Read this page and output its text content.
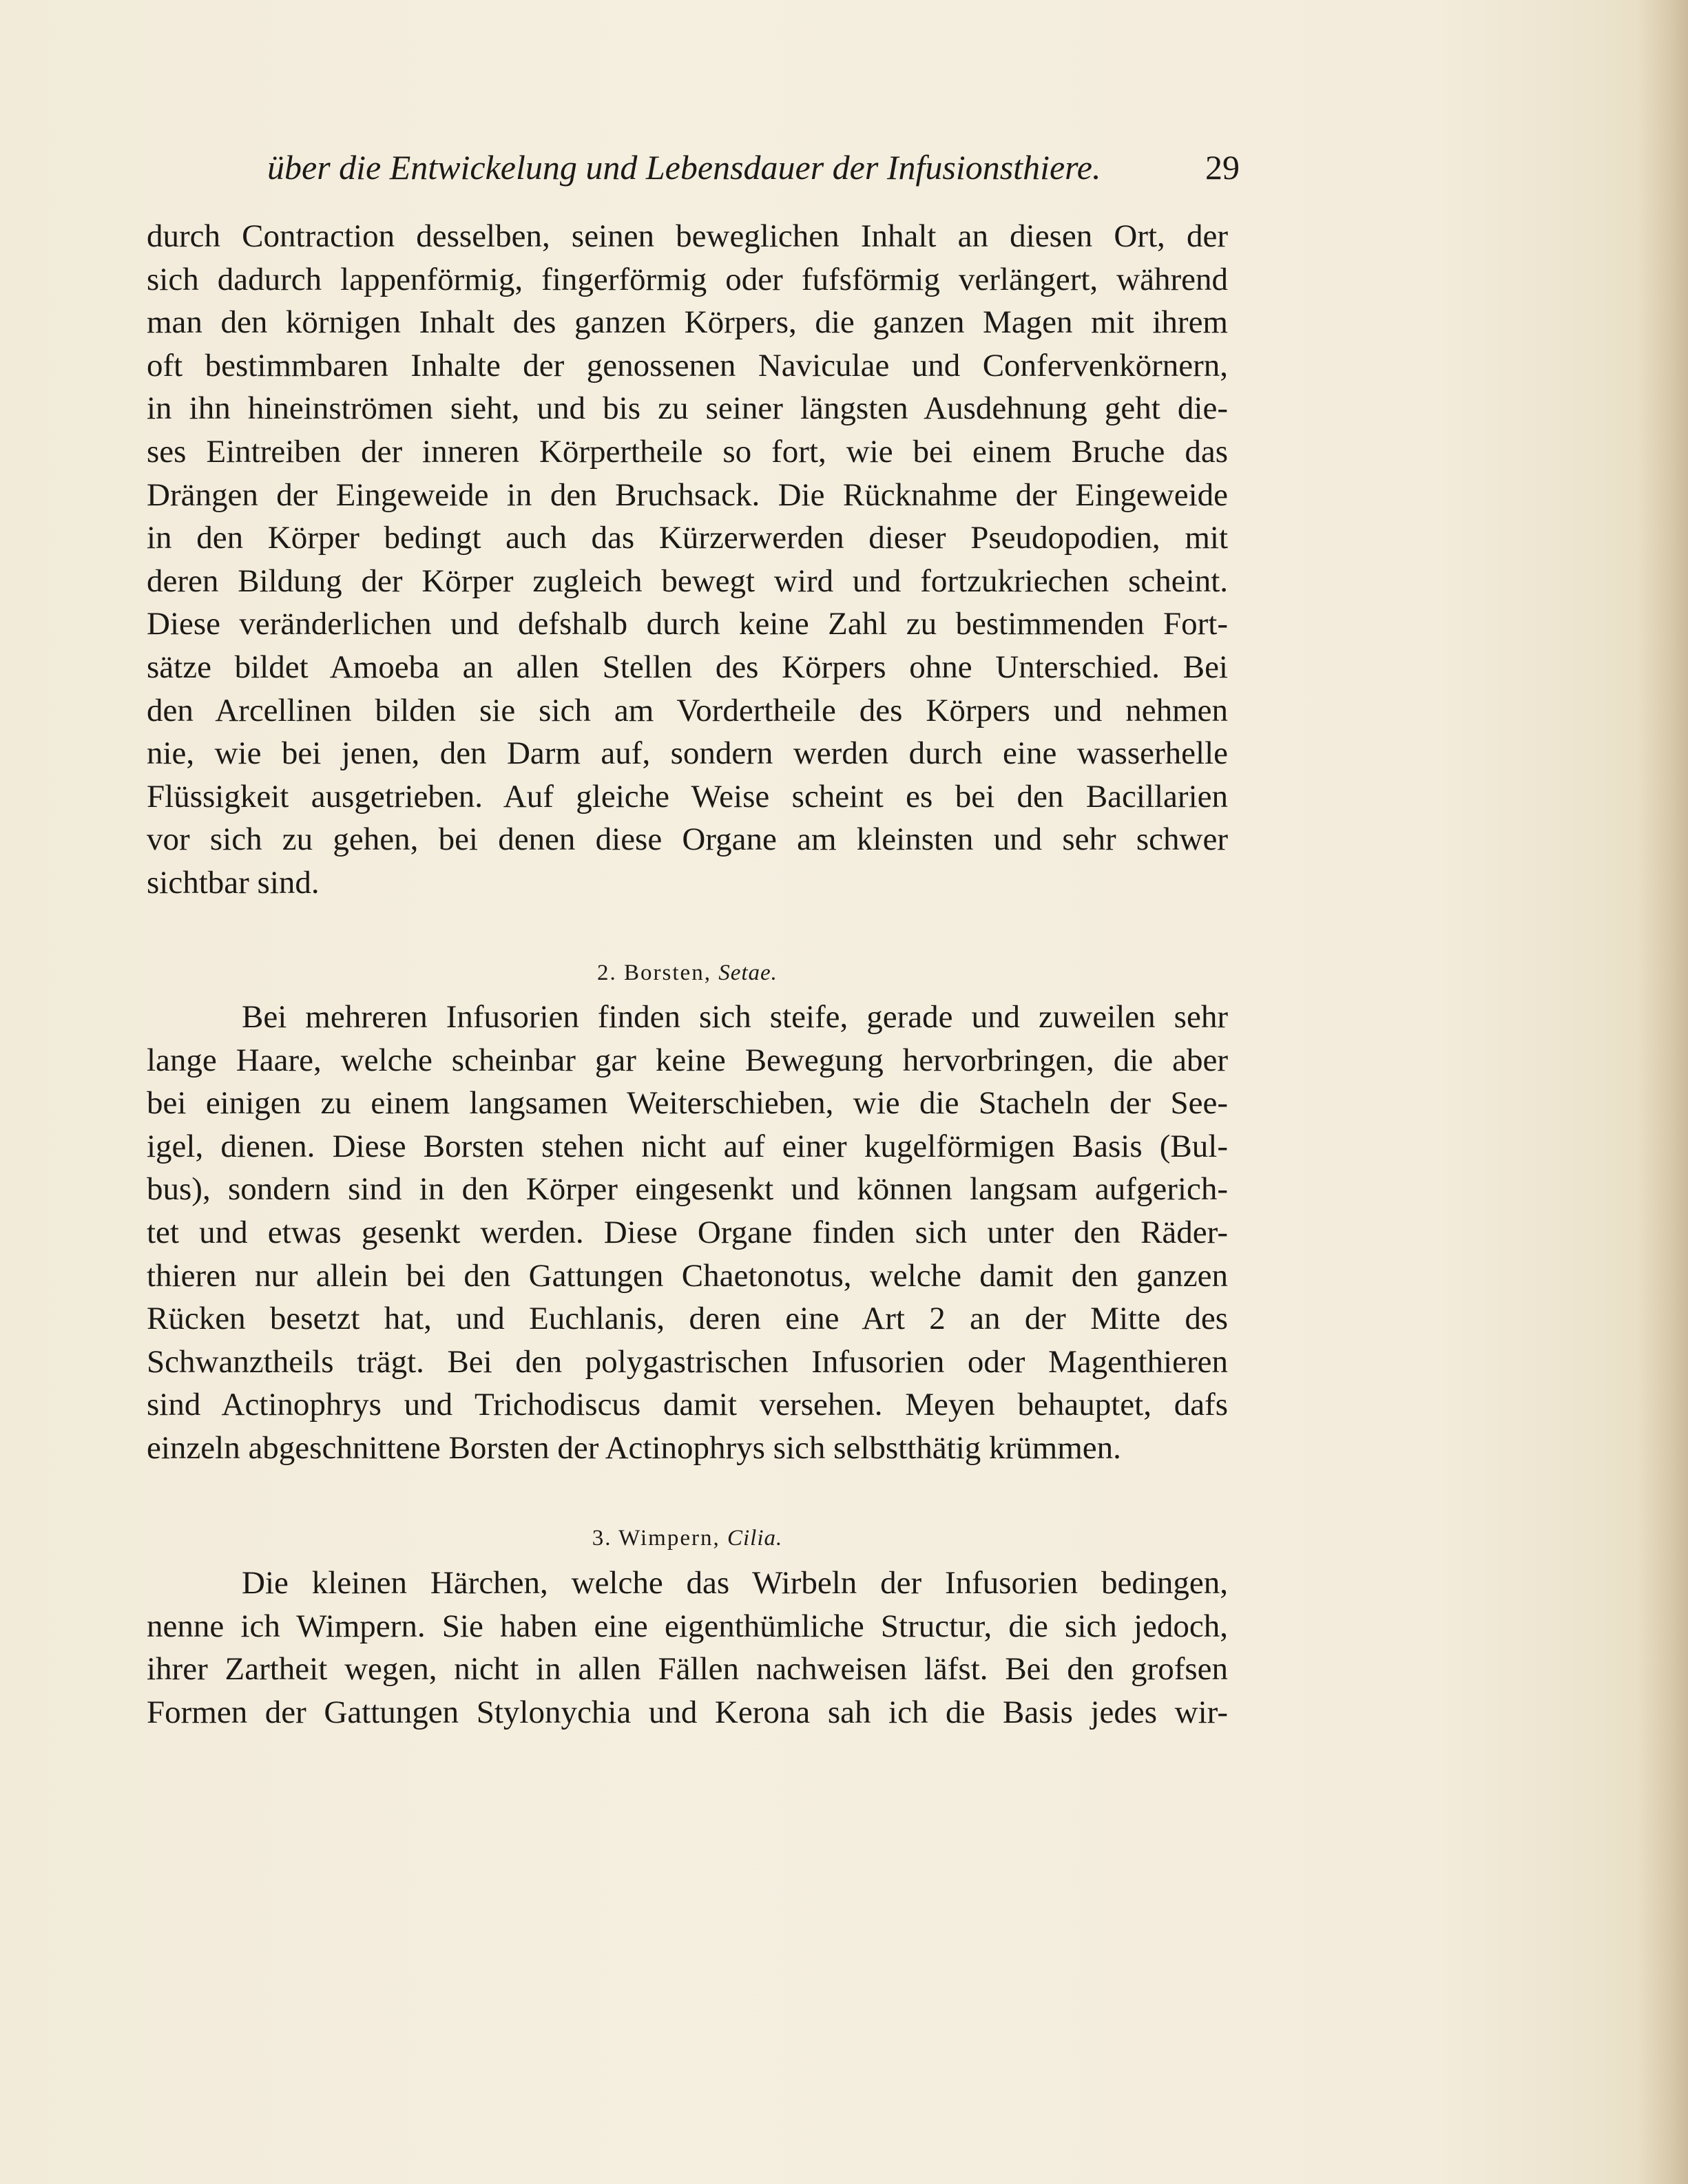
über die Entwickelung und Lebensdauer der Infusionsthiere.	29
durch Contraction desselben, seinen beweglichen Inhalt an diesen Ort, der
sich dadurch lappenförmig, fingerförmig oder fufsförmig verlängert, während
man den körnigen Inhalt des ganzen Körpers, die ganzen Magen mit ihrem
oft bestimmbaren Inhalte der genossenen Naviculae und Confervenkörnern,
in ihn hineinströmen sieht, und bis zu seiner längsten Ausdehnung geht die-
ses Eintreiben der inneren Körpertheile so fort, wie bei einem Bruche das
Drängen der Eingeweide in den Bruchsack. Die Rücknahme der Eingeweide
in den Körper bedingt auch das Kürzerwerden dieser Pseudopodien, mit
deren Bildung der Körper zugleich bewegt wird und fortzukriechen scheint.
Diese veränderlichen und defshalb durch keine Zahl zu bestimmenden Fort-
sätze bildet Amoeba an allen Stellen des Körpers ohne Unterschied. Bei
den Arcellinen bilden sie sich am Vordertheile des Körpers und nehmen
nie, wie bei jenen, den Darm auf, sondern werden durch eine wasserhelle
Flüssigkeit ausgetrieben. Auf gleiche Weise scheint es bei den Bacillarien
vor sich zu gehen, bei denen diese Organe am kleinsten und sehr schwer
sichtbar sind.
2. Borsten, Setae.
Bei mehreren Infusorien finden sich steife, gerade und zuweilen sehr
lange Haare, welche scheinbar gar keine Bewegung hervorbringen, die aber
bei einigen zu einem langsamen Weiterschieben, wie die Stacheln der See-
igel, dienen. Diese Borsten stehen nicht auf einer kugelförmigen Basis (Bul-
bus), sondern sind in den Körper eingesenkt und können langsam aufgerich-
tet und etwas gesenkt werden. Diese Organe finden sich unter den Räder-
thieren nur allein bei den Gattungen Chaetonotus, welche damit den ganzen
Rücken besetzt hat, und Euchlanis, deren eine Art 2 an der Mitte des
Schwanztheils trägt. Bei den polygastrischen Infusorien oder Magenthieren
sind Actinophrys und Trichodiscus damit versehen. Meyen behauptet, dafs
einzeln abgeschnittene Borsten der Actinophrys sich selbstthätig krümmen.
3. Wimpern, Cilia.
Die kleinen Härchen, welche das Wirbeln der Infusorien bedingen,
nenne ich Wimpern. Sie haben eine eigenthümliche Structur, die sich jedoch,
ihrer Zartheit wegen, nicht in allen Fällen nachweisen läfst. Bei den grofsen
Formen der Gattungen Stylonychia und Kerona sah ich die Basis jedes wir-
